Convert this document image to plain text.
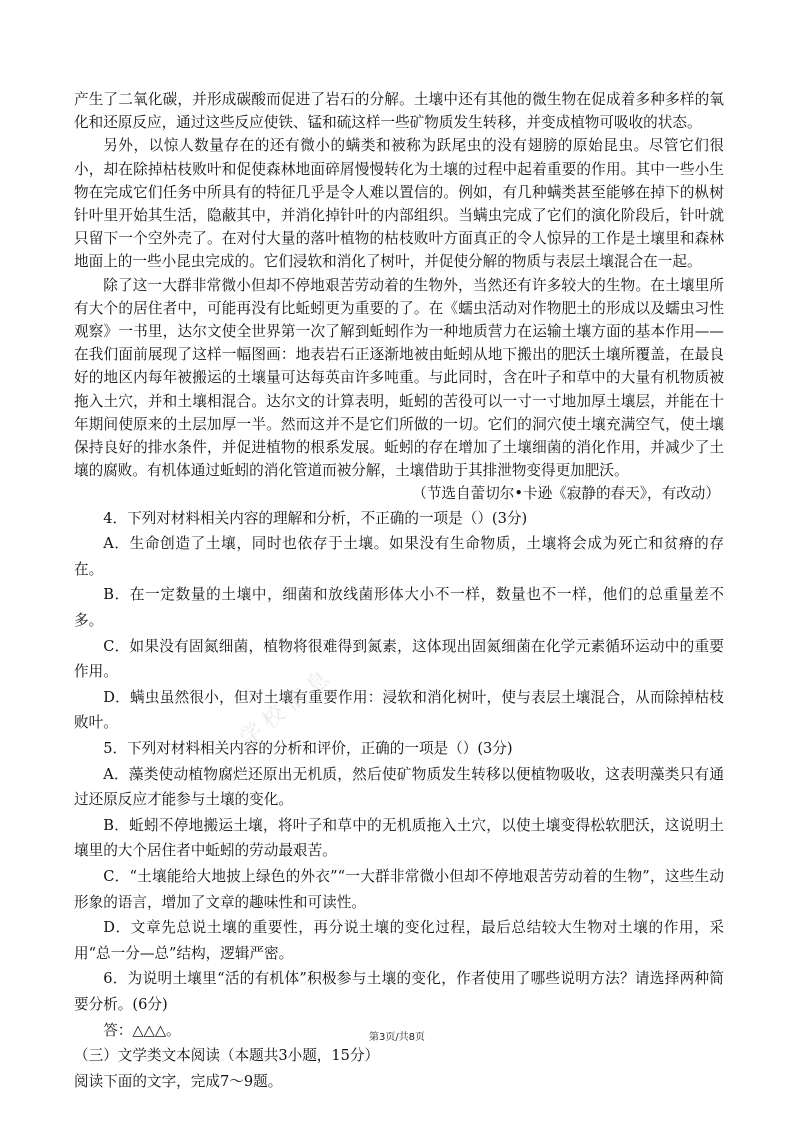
产生了二氧化碳，并形成碳酸而促进了岩石的分解。土壤中还有其他的微生物在促成着多种多样的氧化和还原反应，通过这些反应使铁、锰和硫这样一些矿物质发生转移，并变成植物可吸收的状态。

另外，以惊人数量存在的还有微小的螨类和被称为跃尾虫的没有翅膀的原始昆虫。尽管它们很小，却在除掉枯枝败叶和促使森林地面碎屑慢慢转化为土壤的过程中起着重要的作用。其中一些小生物在完成它们任务中所具有的特征几乎是令人难以置信的。例如，有几种螨类甚至能够在掉下的枞树针叶里开始其生活，隐蔽其中，并消化掉针叶的内部组织。当螨虫完成了它们的演化阶段后，针叶就只留下一个空外壳了。在对付大量的落叶植物的枯枝败叶方面真正的令人惊异的工作是土壤里和森林地面上的一些小昆虫完成的。它们浸软和消化了树叶，并促使分解的物质与表层土壤混合在一起。

除了这一大群非常微小但却不停地艰苦劳动着的生物外，当然还有许多较大的生物。在土壤里所有大个的居住者中，可能再没有比蚯蚓更为重要的了。在《蠕虫活动对作物肥土的形成以及蠕虫习性观察》一书里，达尔文使全世界第一次了解到蚯蚓作为一种地质营力在运输土壤方面的基本作用——在我们面前展现了这样一幅图画：地表岩石正逐渐地被由蚯蚓从地下搬出的肥沃土壤所覆盖，在最良好的地区内每年被搬运的土壤量可达每英亩许多吨重。与此同时，含在叶子和草中的大量有机物质被拖入土穴，并和土壤相混合。达尔文的计算表明，蚯蚓的苦役可以一寸一寸地加厚土壤层，并能在十年期间使原来的土层加厚一半。然而这并不是它们所做的一切。它们的洞穴使土壤充满空气，使土壤保持良好的排水条件，并促进植物的根系发展。蚯蚓的存在增加了土壤细菌的消化作用，并减少了土壤的腐败。有机体通过蚯蚓的消化管道而被分解，土壤借助于其排泄物变得更加肥沃。

（节选自蕾切尔•卡逊《寂静的春天》，有改动）

4．下列对材料相关内容的理解和分析，不正确的一项是（）(3分)

A．生命创造了土壤，同时也依存于土壤。如果没有生命物质，土壤将会成为死亡和贫瘠的存在。

B．在一定数量的土壤中，细菌和放线菌形体大小不一样，数量也不一样，他们的总重量差不多。

C．如果没有固氮细菌，植物将很难得到氮素，这体现出固氮细菌在化学元素循环运动中的重要作用。

D．螨虫虽然很小，但对土壤有重要作用：浸软和消化树叶，使与表层土壤混合，从而除掉枯枝败叶。

5．下列对材料相关内容的分析和评价，正确的一项是（）(3分)

A．藻类使动植物腐烂还原出无机质，然后使矿物质发生转移以便植物吸收，这表明藻类只有通过还原反应才能参与土壤的变化。

B．蚯蚓不停地搬运土壤，将叶子和草中的无机质拖入土穴，以使土壤变得松软肥沃，这说明土壤里的大个居住者中蚯蚓的劳动最艰苦。

C．“土壤能给大地披上绿色的外衣”“一大群非常微小但却不停地艰苦劳动着的生物”，这些生动形象的语言，增加了文章的趣味性和可读性。

D．文章先总说土壤的重要性，再分说土壤的变化过程，最后总结较大生物对土壤的作用，采用“总一分—总”结构，逻辑严密。

6．为说明土壤里“活的有机体”积极参与土壤的变化，作者使用了哪些说明方法？请选择两种简要分析。(6分)

答：△△△。

（三）文学类文本阅读（本题共3小题，15分）

阅读下面的文字，完成7～9题。

学校信息
第3页/共8页
